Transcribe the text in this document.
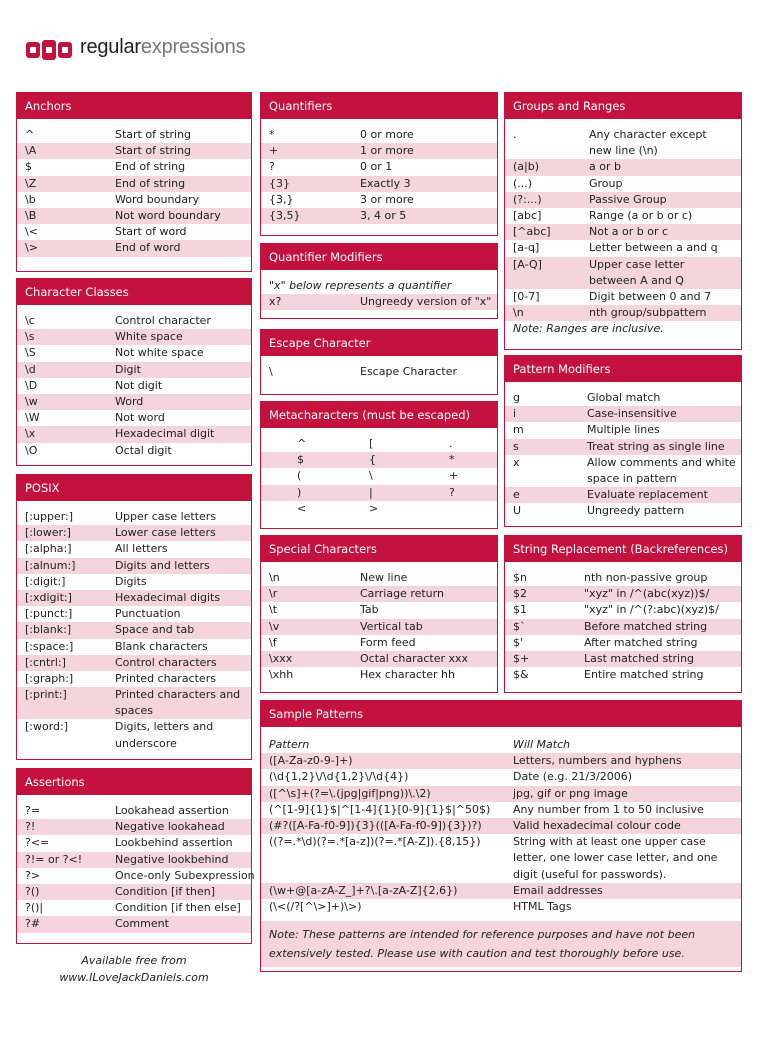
regularexpressions
Anchors
^	Start of string
\A	Start of string
$	End of string
\Z	End of string
\b	Word boundary
\B	Not word boundary
\<	Start of word
\>	End of word
Character Classes
\c	Control character
\s	White space
\S	Not white space
\d	Digit
\D	Not digit
\w	Word
\W	Not word
\x	Hexadecimal digit
\O	Octal digit
POSIX
[:upper:]	Upper case letters
[:lower:]	Lower case letters
[:alpha:]	All letters
[:alnum:]	Digits and letters
[:digit:]	Digits
[:xdigit:]	Hexadecimal digits
[:punct:]	Punctuation
[:blank:]	Space and tab
[:space:]	Blank characters
[:cntrl:]	Control characters
[:graph:]	Printed characters
[:print:]	Printed characters and spaces
[:word:]	Digits, letters and underscore
Assertions
?=	Lookahead assertion
?!	Negative lookahead
?<=	Lookbehind assertion
?!= or ?<!	Negative lookbehind
?>	Once-only Subexpression
?()	Condition [if then]
?()|	Condition [if then else]
?#	Comment
Quantifiers
*	0 or more
+	1 or more
?	0 or 1
{3}	Exactly 3
{3,}	3 or more
{3,5}	3, 4 or 5
Quantifier Modifiers
"x" below represents a quantifier
x?	Ungreedy version of "x"
Escape Character
\	Escape Character
Metacharacters (must be escaped)
^	[	.
$	{	*
(	\	+
)	|	?
<	>
Special Characters
\n	New line
\r	Carriage return
\t	Tab
\v	Vertical tab
\f	Form feed
\xxx	Octal character xxx
\xhh	Hex character hh
Groups and Ranges
.	Any character except new line (\n)
(a|b)	a or b
(...)	Group
(?:...)	Passive Group
[abc]	Range (a or b or c)
[^abc]	Not a or b or c
[a-q]	Letter between a and q
[A-Q]	Upper case letter between A and Q
[0-7]	Digit between 0 and 7
\n	nth group/subpattern
Note: Ranges are inclusive.
Pattern Modifiers
g	Global match
i	Case-insensitive
m	Multiple lines
s	Treat string as single line
x	Allow comments and white space in pattern
e	Evaluate replacement
U	Ungreedy pattern
String Replacement (Backreferences)
$n	nth non-passive group
$2	"xyz" in /^(abc(xyz))$/
$1	"xyz" in /^(?:abc)(xyz)$/
$`	Before matched string
$'	After matched string
$+	Last matched string
$&	Entire matched string
Sample Patterns
Pattern	Will Match
([A-Za-z0-9-]+)	Letters, numbers and hyphens
(\d{1,2}\/\d{1,2}\/\d{4})	Date (e.g. 21/3/2006)
([^\s]+(?=\.(jpg|gif|png))\.\2)	jpg, gif or png image
(^[1-9]{1}$|^[1-4]{1}[0-9]{1}$|^50$) Any number from 1 to 50 inclusive
(#?([A-Fa-f0-9]){3}(([A-Fa-f0-9]){3})?)	Valid hexadecimal colour code
((?=.*\d)(?=.*[a-z])(?=.*[A-Z]).{8,15})	String with at least one upper case letter, one lower case letter, and one digit (useful for passwords).
(\w+@[a-zA-Z_]+?\.[a-zA-Z]{2,6})	Email addresses
(\<(/?[^\>]+)\>)	HTML Tags
Note: These patterns are intended for reference purposes and have not been extensively tested. Please use with caution and test thoroughly before use.
Available free from
www.ILoveJackDaniels.com
